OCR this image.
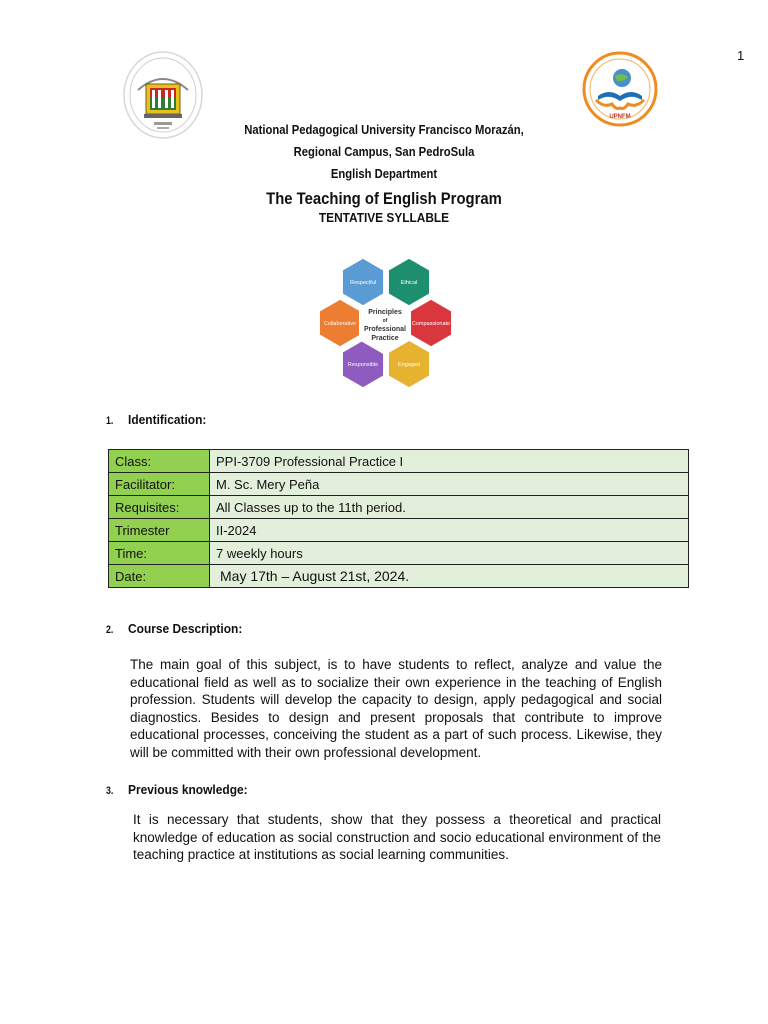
1
UPNFM
National Pedagogical University Francisco Morazán,
Regional Campus, San PedroSula
English Department
The Teaching of English Program
TENTATIVE SYLLABLE
Respectful	Ethical
Compassionate
Engaged
Responsible
Collaborative
Principles
of
Professional
Practice
1. Identification:
Class:	PPI-3709 Professional Practice I
Facilitator:	M. Sc. Mery Peña
Requisites:	All Classes up to the 11th period.
Trimester	II-2024
Time:	7 weekly hours
Date:	May 17th – August 21st, 2024.
2. Course Description:

The main goal of this subject, is to have students to reflect, analyze and value the educational field as well as to socialize their own experience in the teaching of English profession. Students will develop the capacity to design, apply pedagogical and social diagnostics. Besides to design and present proposals that contribute to improve educational processes, conceiving the student as a part of such process. Likewise, they will be committed with their own professional development.

3. Previous knowledge:

It is necessary that students, show that they possess a theoretical and practical knowledge of education as social construction and socio educational environment of the teaching practice at institutions as social learning communities.
